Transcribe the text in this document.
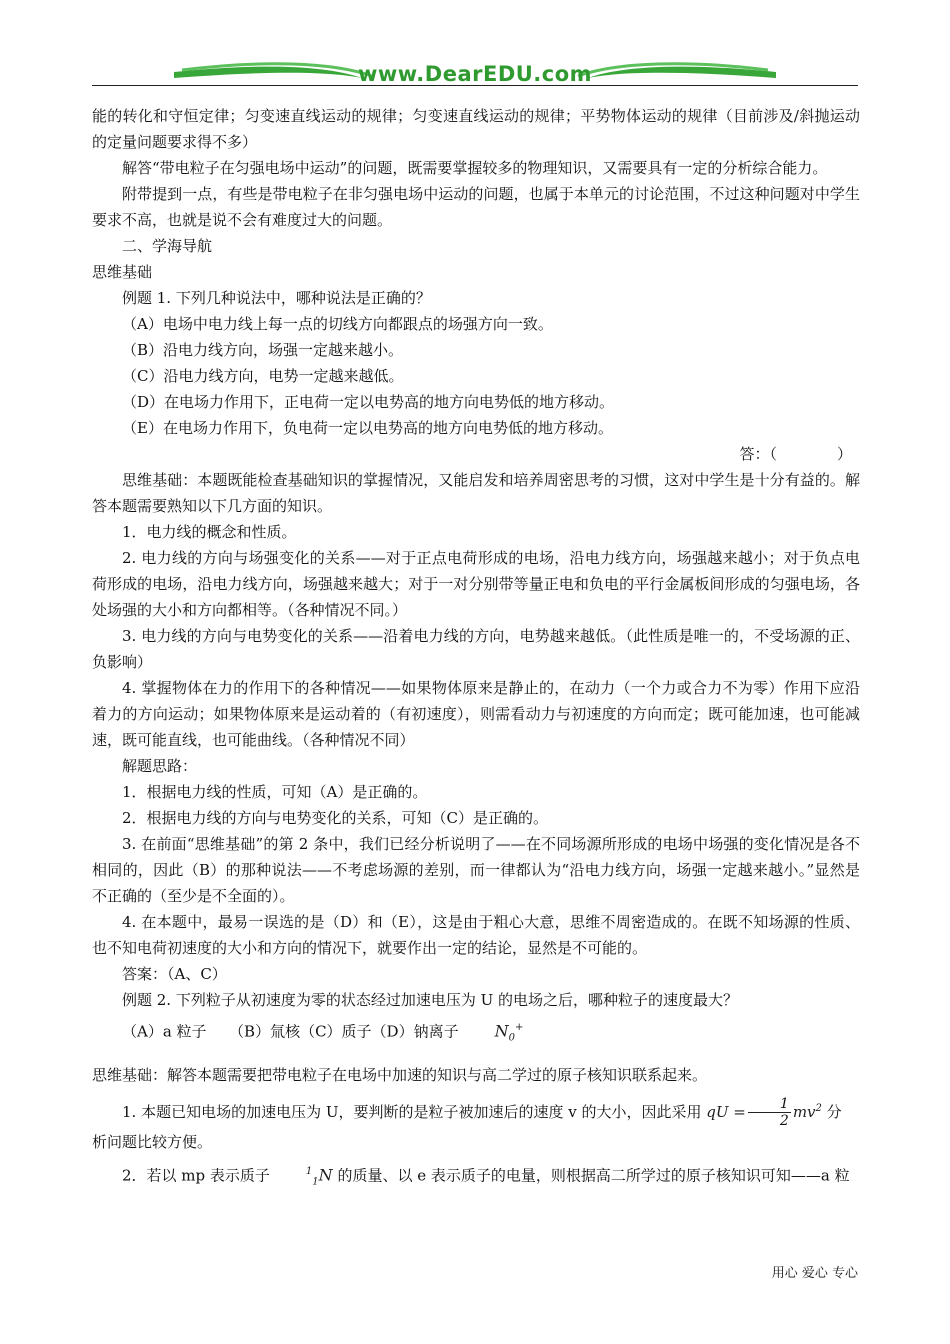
www.DearEDU.com

能的转化和守恒定律；匀变速直线运动的规律；匀变速直线运动的规律；平势物体运动的规律（目前涉及/斜抛运动的定量问题要求得不多）

解答“带电粒子在匀强电场中运动”的问题，既需要掌握较多的物理知识，又需要具有一定的分析综合能力。

附带提到一点，有些是带电粒子在非匀强电场中运动的问题，也属于本单元的讨论范围，不过这种问题对中学生要求不高，也就是说不会有难度过大的问题。

二、学海导航

思维基础

例题 1. 下列几种说法中，哪种说法是正确的？

（A）电场中电力线上每一点的切线方向都跟点的场强方向一致。

（B）沿电力线方向，场强一定越来越小。

（C）沿电力线方向，电势一定越来越低。

（D）在电场力作用下，正电荷一定以电势高的地方向电势低的地方移动。

（E）在电场力作用下，负电荷一定以电势高的地方向电势低的地方移动。

答：（　　　　）

思维基础：本题既能检查基础知识的掌握情况，又能启发和培养周密思考的习惯，这对中学生是十分有益的。解答本题需要熟知以下几方面的知识。

1．电力线的概念和性质。

2. 电力线的方向与场强变化的关系——对于正点电荷形成的电场，沿电力线方向，场强越来越小；对于负点电荷形成的电场，沿电力线方向，场强越来越大；对于一对分别带等量正电和负电的平行金属板间形成的匀强电场，各处场强的大小和方向都相等。（各种情况不同。）

3. 电力线的方向与电势变化的关系——沿着电力线的方向，电势越来越低。（此性质是唯一的，不受场源的正、负影响）

4. 掌握物体在力的作用下的各种情况——如果物体原来是静止的，在动力（一个力或合力不为零）作用下应沿着力的方向运动；如果物体原来是运动着的（有初速度），则需看动力与初速度的方向而定；既可能加速，也可能减速，既可能直线，也可能曲线。（各种情况不同）

解题思路：

1．根据电力线的性质，可知（A）是正确的。

2．根据电力线的方向与电势变化的关系，可知（C）是正确的。

3. 在前面“思维基础”的第 2 条中，我们已经分析说明了——在不同场源所形成的电场中场强的变化情况是各不相同的，因此（B）的那种说法——不考虑场源的差别，而一律都认为“沿电力线方向，场强一定越来越小。”显然是不正确的（至少是不全面的）。

4. 在本题中，最易一误选的是（D）和（E），这是由于粗心大意，思维不周密造成的。在既不知场源的性质、也不知电荷初速度的大小和方向的情况下，就要作出一定的结论，显然是不可能的。

答案：（A、C）

例题 2. 下列粒子从初速度为零的状态经过加速电压为 U 的电场之后，哪种粒子的速度最大？

（A）a 粒子　　（B）氚核（C）质子（D）钠离子 $N_0^+$

思维基础：解答本题需要把带电粒子在电场中加速的知识与高二学过的原子核知识联系起来。

1. 本题已知电场的加速电压为 U，要判断的是粒子被加速后的速度 v 的大小，因此采用 qU = $\frac{1}{2} mv^2$ 分

析问题比较方便。

2．若以 mp 表示质子	$^1_1$N 的质量、以 e 表示质子的电量，则根据高二所学过的原子核知识可知——a 粒

用心 爱心 专心
